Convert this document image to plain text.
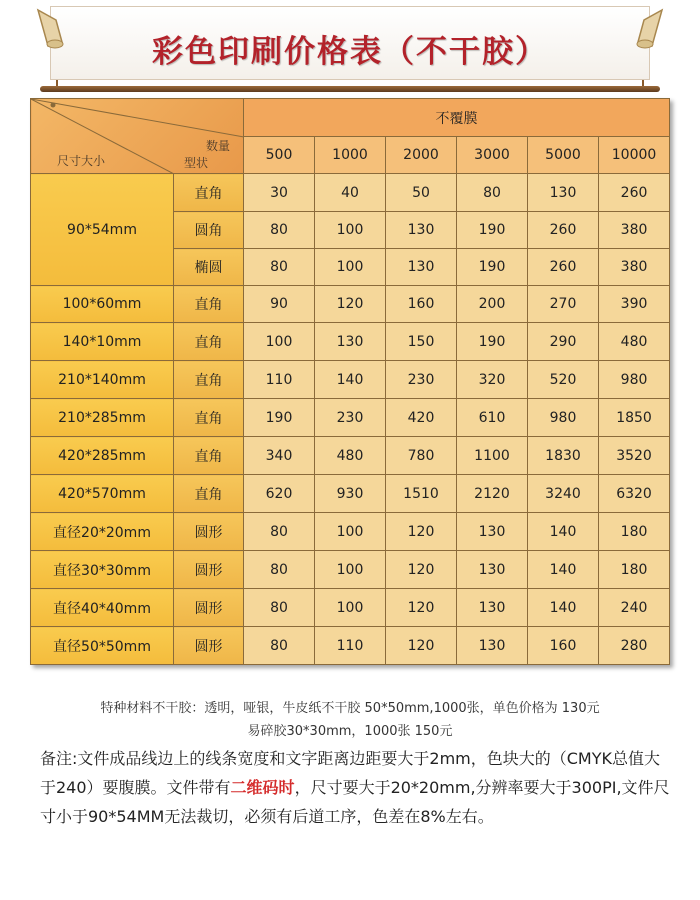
彩色印刷价格表（不干胶）
数量
型状
尺寸大小		不覆膜					
		500	1000	2000	3000	5000	10000
90*54mm	直角	30	40	50	80	130	260
	圆角	80	100	130	190	260	380
	椭圆	80	100	130	190	260	380
100*60mm	直角	90	120	160	200	270	390
140*10mm	直角	100	130	150	190	290	480
210*140mm	直角	110	140	230	320	520	980
210*285mm	直角	190	230	420	610	980	1850
420*285mm	直角	340	480	780	1100	1830	3520
420*570mm	直角	620	930	1510	2120	3240	6320
直径20*20mm	圆形	80	100	120	130	140	180
直径30*30mm	圆形	80	100	120	130	140	180
直径40*40mm	圆形	80	100	120	130	140	240
直径50*50mm	圆形	80	110	120	130	160	280
特种材料不干胶：透明，哑银，牛皮纸不干胶 50*50mm,1000张，单色价格为 130元
易碎胶30*30mm，1000张 150元
备注:文件成品线边上的线条宽度和文字距离边距要大于2mm，色块大的（CMYK总值大于240）要腹膜。文件带有二维码时，尺寸要大于20*20mm,分辨率要大于300PI,文件尺寸小于90*54MM无法裁切，必须有后道工序，色差在8%左右。
